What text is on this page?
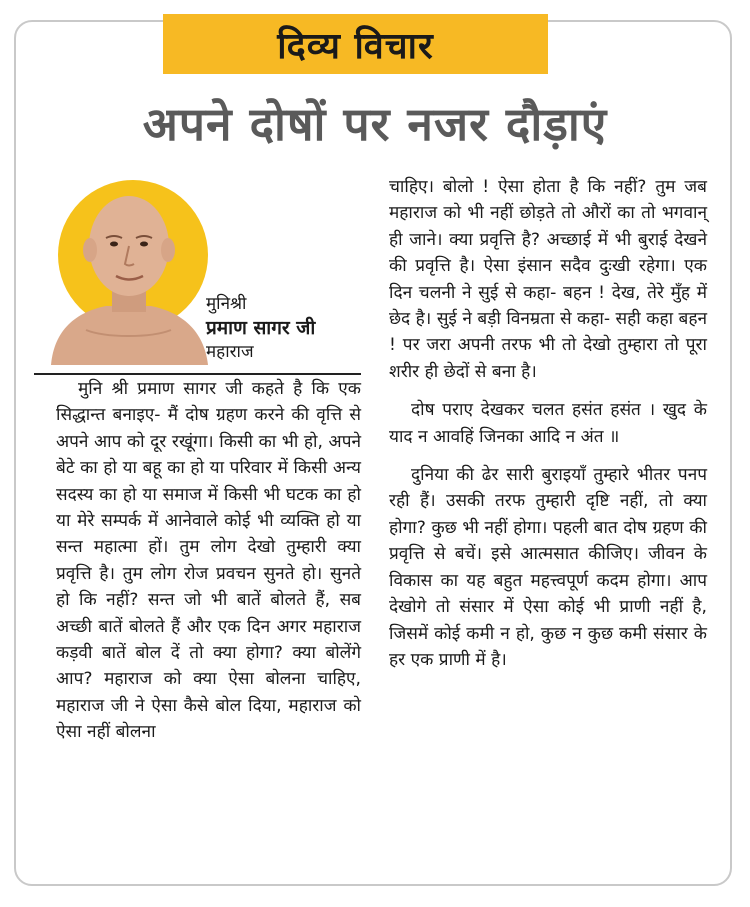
दिव्य विचार
अपने दोषों पर नजर दौड़ाएं
मुनिश्री
प्रमाण सागर जी
महाराज

मुनि श्री प्रमाण सागर जी कहते है कि एक सिद्धान्त बनाइए- मैं दोष ग्रहण करने की वृत्ति से अपने आप को दूर रखूंगा। किसी का भी हो, अपने बेटे का हो या बहू का हो या परिवार में किसी अन्य सदस्य का हो या समाज में किसी भी घटक का हो या मेरे सम्पर्क में आनेवाले कोई भी व्यक्ति हो या सन्त महात्मा हों। तुम लोग देखो तुम्हारी क्या प्रवृत्ति है। तुम लोग रोज प्रवचन सुनते हो। सुनते हो कि नहीं? सन्त जो भी बातें बोलते हैं, सब अच्छी बातें बोलते हैं और एक दिन अगर महाराज कड़वी बातें बोल दें तो क्या होगा? क्या बोलेंगे आप? महाराज को क्या ऐसा बोलना चाहिए, महाराज जी ने ऐसा कैसे बोल दिया, महाराज को ऐसा नहीं बोलना

चाहिए। बोलो ! ऐसा होता है कि नहीं? तुम जब महाराज को भी नहीं छोड़ते तो औरों का तो भगवान् ही जाने। क्या प्रवृत्ति है? अच्छाई में भी बुराई देखने की प्रवृत्ति है। ऐसा इंसान सदैव दुःखी रहेगा। एक दिन चलनी ने सुई से कहा- बहन ! देख, तेरे मुँह में छेद है। सुई ने बड़ी विनम्रता से कहा- सही कहा बहन ! पर जरा अपनी तरफ भी तो देखो तुम्हारा तो पूरा शरीर ही छेदों से बना है।

दोष पराए देखकर चलत हसंत हसंत । खुद के याद न आवहिं जिनका आदि न अंत ॥

दुनिया की ढेर सारी बुराइयाँ तुम्हारे भीतर पनप रही हैं। उसकी तरफ तुम्हारी दृष्टि नहीं, तो क्या होगा? कुछ भी नहीं होगा। पहली बात दोष ग्रहण की प्रवृत्ति से बचें। इसे आत्मसात कीजिए। जीवन के विकास का यह बहुत महत्त्वपूर्ण कदम होगा। आप देखोगे तो संसार में ऐसा कोई भी प्राणी नहीं है, जिसमें कोई कमी न हो, कुछ न कुछ कमी संसार के हर एक प्राणी में है।
